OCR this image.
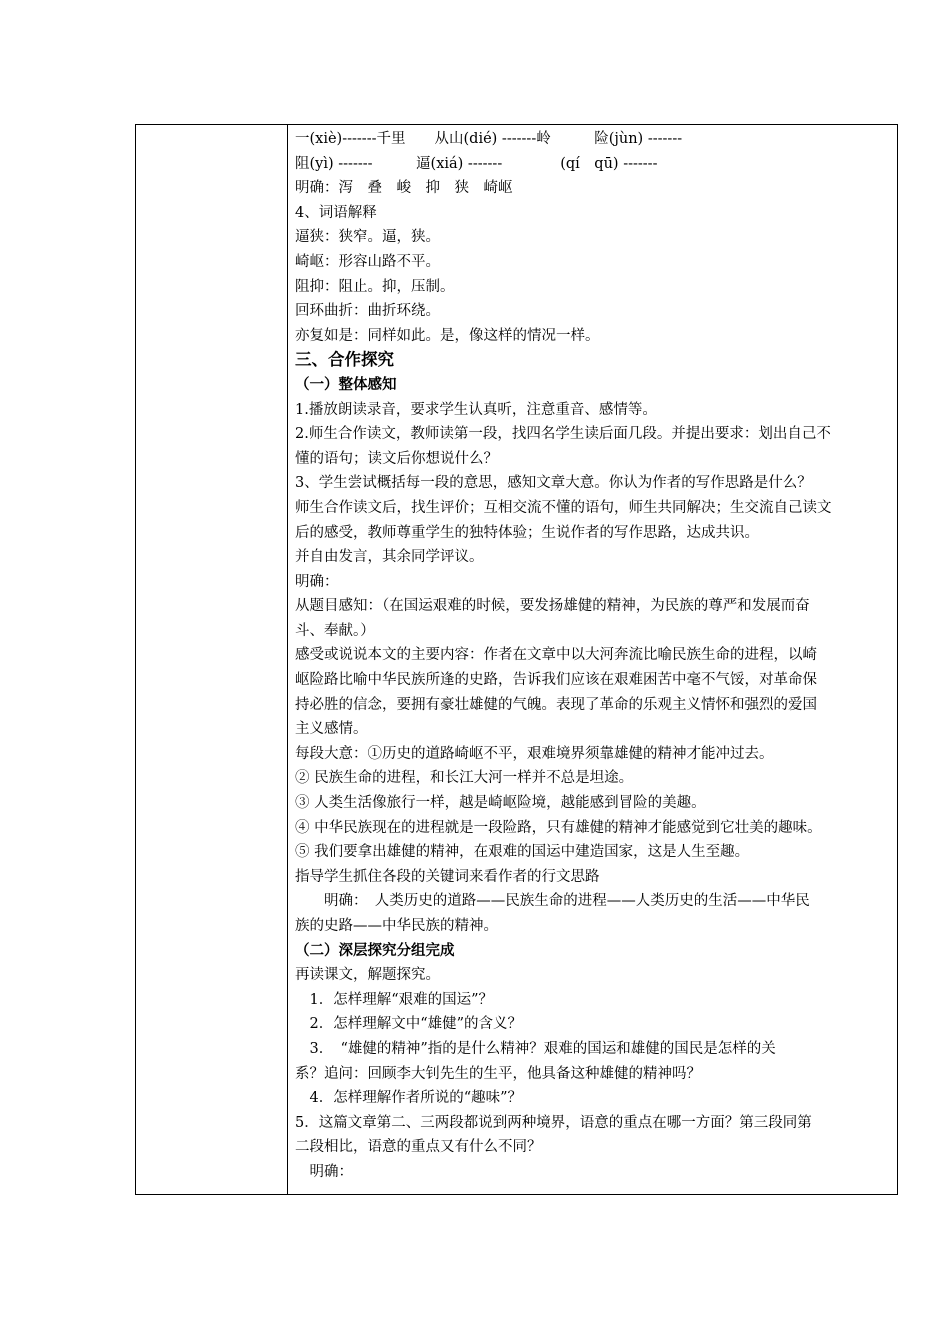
一(xiè)-------千里　　从山(dié) -------岭　　　险(jùn) -------
阻(yì) -------　　　逼(xiá) -------　　　　(qí　qū) -------
明确：泻　叠　峻　抑　狭　崎岖
4、词语解释
逼狭：狭窄。逼，狭。
崎岖：形容山路不平。
阻抑：阻止。抑，压制。
回环曲折：曲折环绕。
亦复如是：同样如此。是，像这样的情况一样。
三、合作探究
（一）整体感知
1.播放朗读录音，要求学生认真听，注意重音、感情等。
2.师生合作读文，教师读第一段，找四名学生读后面几段。并提出要求：划出自己不
懂的语句；读文后你想说什么？
3、学生尝试概括每一段的意思，感知文章大意。你认为作者的写作思路是什么？
师生合作读文后，找生评价；互相交流不懂的语句，师生共同解决；生交流自己读文
后的感受，教师尊重学生的独特体验；生说作者的写作思路，达成共识。
并自由发言，其余同学评议。
明确：
从题目感知：（在国运艰难的时候，要发扬雄健的精神，为民族的尊严和发展而奋
斗、奉献。）
感受或说说本文的主要内容：作者在文章中以大河奔流比喻民族生命的进程，以崎
岖险路比喻中华民族所逢的史路，告诉我们应该在艰难困苦中毫不气馁，对革命保
持必胜的信念，要拥有豪壮雄健的气魄。表现了革命的乐观主义情怀和强烈的爱国
主义感情。
每段大意：①历史的道路崎岖不平，艰难境界须靠雄健的精神才能冲过去。
② 民族生命的进程，和长江大河一样并不总是坦途。
③ 人类生活像旅行一样，越是崎岖险境，越能感到冒险的美趣。
④ 中华民族现在的进程就是一段险路，只有雄健的精神才能感觉到它壮美的趣味。
⑤ 我们要拿出雄健的精神，在艰难的国运中建造国家，这是人生至趣。
指导学生抓住各段的关键词来看作者的行文思路
　　明确：　人类历史的道路——民族生命的进程——人类历史的生活——中华民
族的史路——中华民族的精神。
（二）深层探究分组完成
再读课文，解题探究。
　1．怎样理解“艰难的国运”？
　2．怎样理解文中“雄健”的含义？
　3．　“雄健的精神”指的是什么精神？艰难的国运和雄健的国民是怎样的关
系？追问：回顾李大钊先生的生平，他具备这种雄健的精神吗？
　4．怎样理解作者所说的“趣味”？
5．这篇文章第二、三两段都说到两种境界，语意的重点在哪一方面？第三段同第
二段相比，语意的重点又有什么不同？
　明确：
